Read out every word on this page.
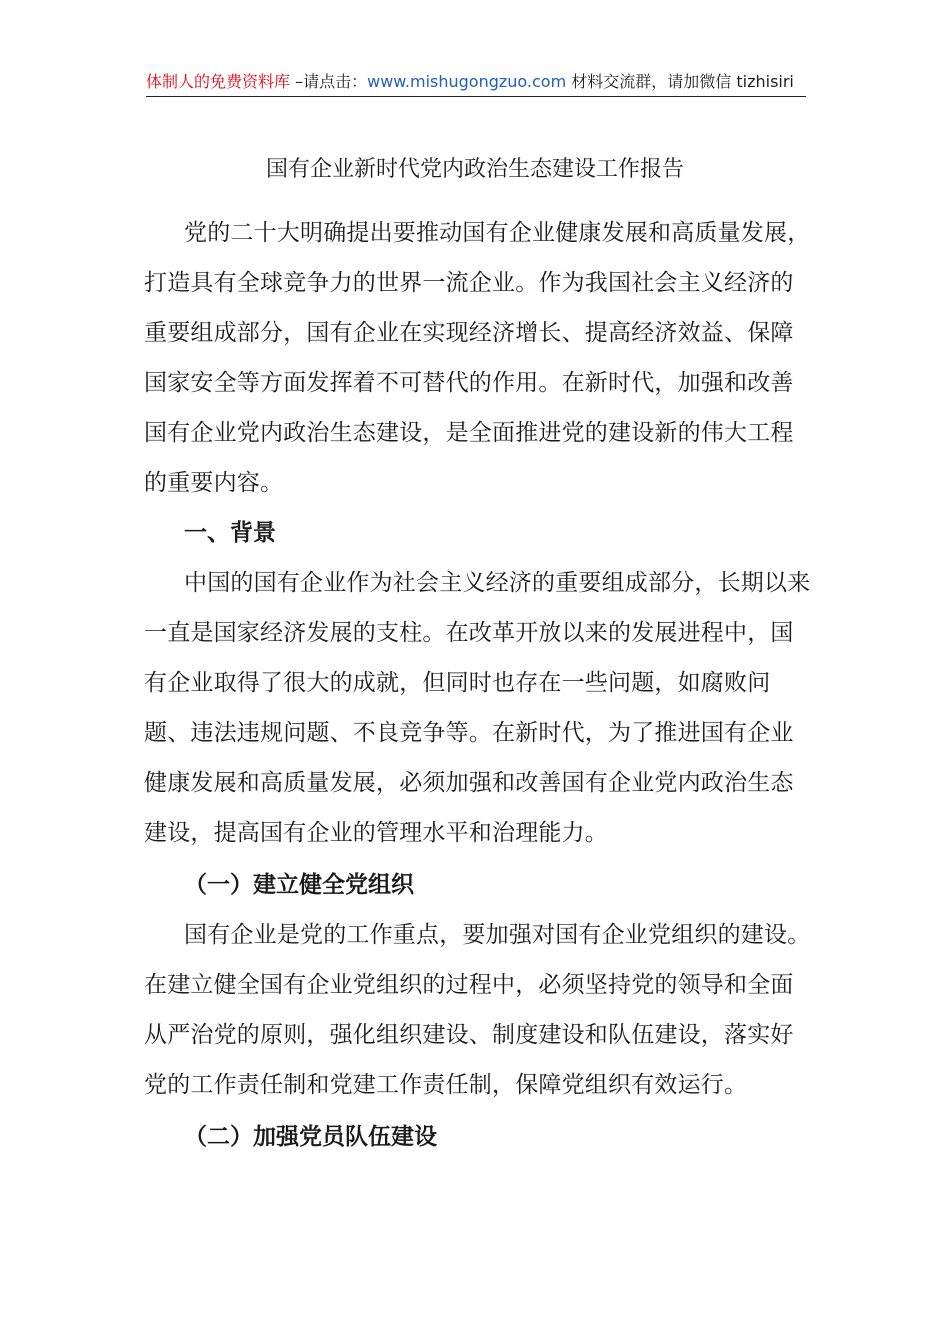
体制人的免费资料库 –请点击：www.mishugongzuo.com 材料交流群，请加微信 tizhisiri
国有企业新时代党内政治生态建设工作报告
党的二十大明确提出要推动国有企业健康发展和高质量发展，打造具有全球竞争力的世界一流企业。作为我国社会主义经济的重要组成部分，国有企业在实现经济增长、提高经济效益、保障国家安全等方面发挥着不可替代的作用。在新时代，加强和改善国有企业党内政治生态建设，是全面推进党的建设新的伟大工程的重要内容。
一、背景
中国的国有企业作为社会主义经济的重要组成部分，长期以来一直是国家经济发展的支柱。在改革开放以来的发展进程中，国有企业取得了很大的成就，但同时也存在一些问题，如腐败问题、违法违规问题、不良竞争等。在新时代，为了推进国有企业健康发展和高质量发展，必须加强和改善国有企业党内政治生态建设，提高国有企业的管理水平和治理能力。
（一）建立健全党组织
国有企业是党的工作重点，要加强对国有企业党组织的建设。在建立健全国有企业党组织的过程中，必须坚持党的领导和全面从严治党的原则，强化组织建设、制度建设和队伍建设，落实好党的工作责任制和党建工作责任制，保障党组织有效运行。
（二）加强党员队伍建设
